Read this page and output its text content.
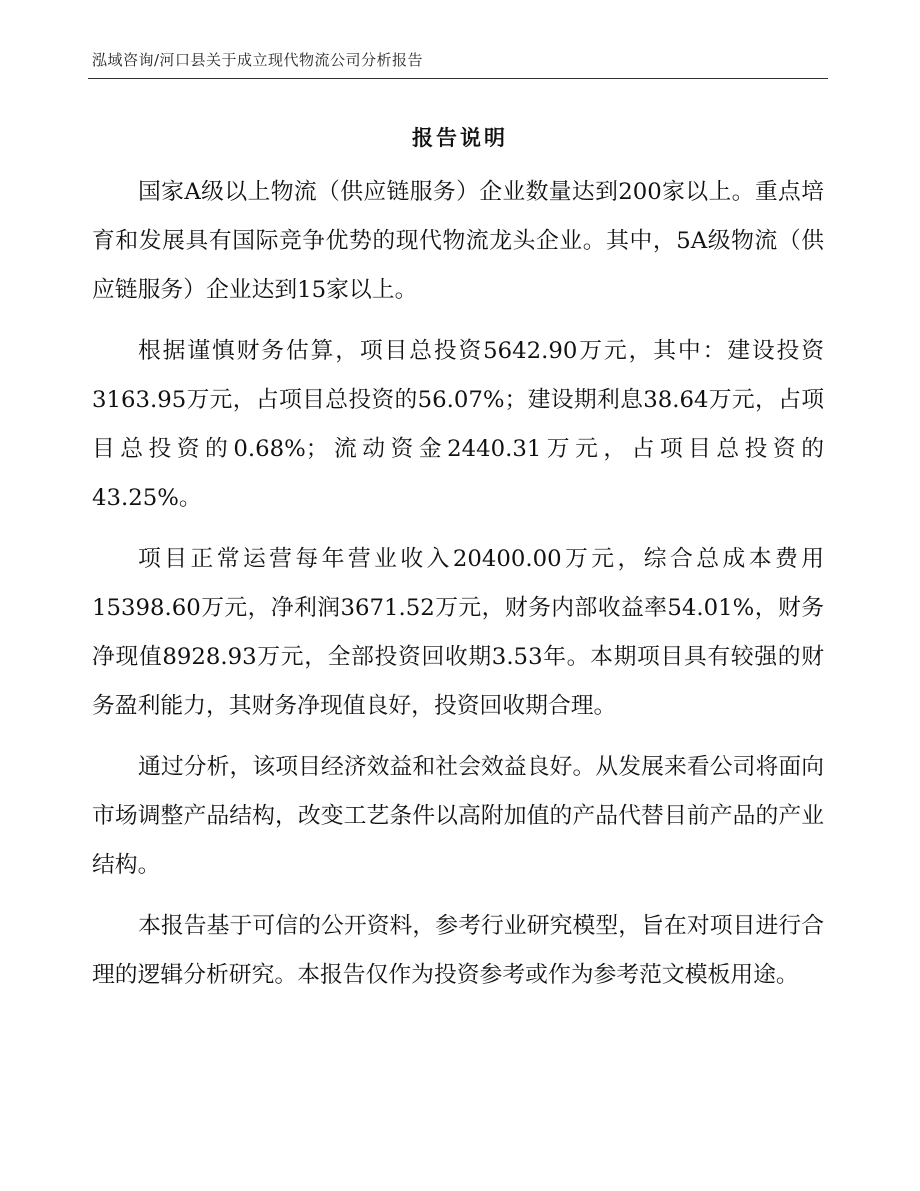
泓域咨询/河口县关于成立现代物流公司分析报告
报告说明

国家A级以上物流（供应链服务）企业数量达到200家以上。重点培育和发展具有国际竞争优势的现代物流龙头企业。其中，5A级物流（供应链服务）企业达到15家以上。

根据谨慎财务估算，项目总投资5642.90万元，其中：建设投资3163.95万元，占项目总投资的56.07%；建设期利息38.64万元，占项目总投资的0.68%；流动资金2440.31万元，占项目总投资的43.25%。

项目正常运营每年营业收入20400.00万元，综合总成本费用15398.60万元，净利润3671.52万元，财务内部收益率54.01%，财务净现值8928.93万元，全部投资回收期3.53年。本期项目具有较强的财务盈利能力，其财务净现值良好，投资回收期合理。

通过分析，该项目经济效益和社会效益良好。从发展来看公司将面向市场调整产品结构，改变工艺条件以高附加值的产品代替目前产品的产业结构。

本报告基于可信的公开资料，参考行业研究模型，旨在对项目进行合理的逻辑分析研究。本报告仅作为投资参考或作为参考范文模板用途。
